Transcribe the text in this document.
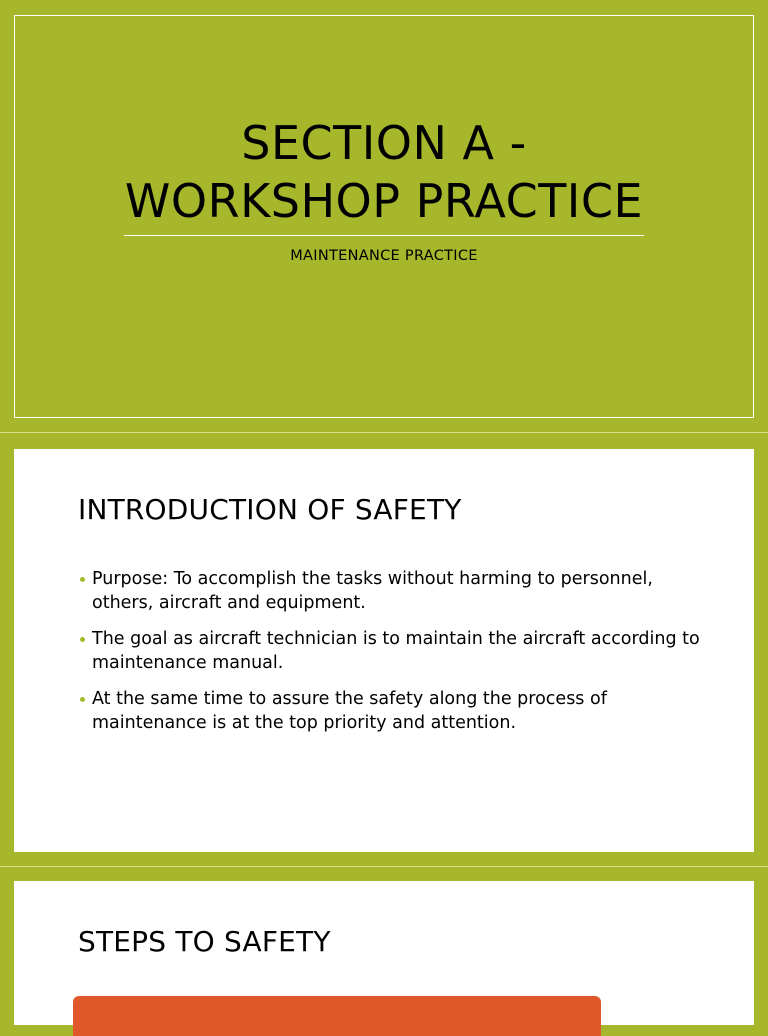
SECTION A -
WORKSHOP PRACTICE

MAINTENANCE PRACTICE

INTRODUCTION OF SAFETY
Purpose: To accomplish the tasks without harming to personnel, others, aircraft and equipment.
The goal as aircraft technician is to maintain the aircraft according to maintenance manual.
At the same time to assure the safety along the process of maintenance is at the top priority and attention.
STEPS TO SAFETY
